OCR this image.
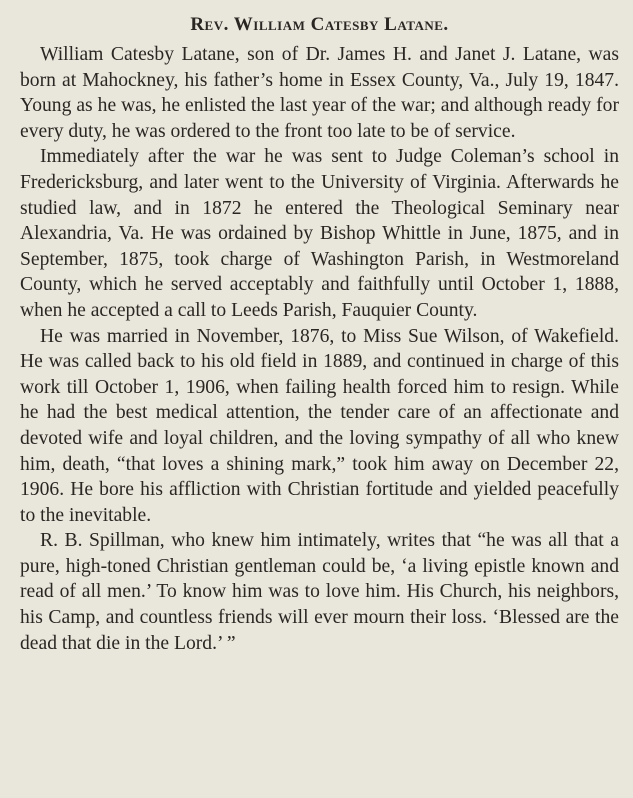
Rev. William Catesby Latane.

William Catesby Latane, son of Dr. James H. and Janet J. Latane, was born at Mahockney, his father’s home in Essex County, Va., July 19, 1847. Young as he was, he enlisted the last year of the war; and although ready for every duty, he was ordered to the front too late to be of service.

Immediately after the war he was sent to Judge Coleman’s school in Fredericksburg, and later went to the University of Virginia. Afterwards he studied law, and in 1872 he entered the Theological Seminary near Alexandria, Va. He was ordained by Bishop Whittle in June, 1875, and in September, 1875, took charge of Washington Parish, in Westmoreland County, which he served acceptably and faithfully until October 1, 1888, when he accepted a call to Leeds Parish, Fauquier County.

He was married in November, 1876, to Miss Sue Wilson, of Wakefield. He was called back to his old field in 1889, and continued in charge of this work till October 1, 1906, when failing health forced him to resign. While he had the best medical attention, the tender care of an affectionate and devoted wife and loyal children, and the loving sympathy of all who knew him, death, “that loves a shining mark,” took him away on December 22, 1906. He bore his affliction with Christian fortitude and yielded peacefully to the inevitable.

R. B. Spillman, who knew him intimately, writes that “he was all that a pure, high-toned Christian gentleman could be, ‘a living epistle known and read of all men.’ To know him was to love him. His Church, his neighbors, his Camp, and countless friends will ever mourn their loss. ‘Blessed are the dead that die in the Lord.’ ”
